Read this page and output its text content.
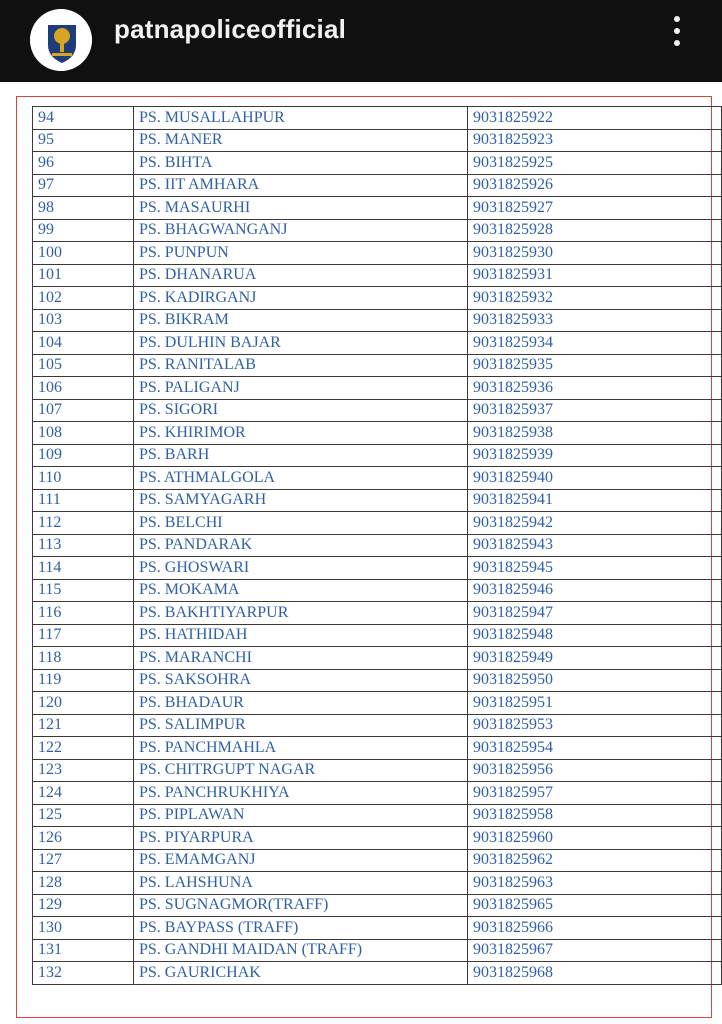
patnapoliceofficial
94	PS. MUSALLAHPUR	9031825922
95	PS. MANER	9031825923
96	PS. BIHTA	9031825925
97	PS. IIT AMHARA	9031825926
98	PS. MASAURHI	9031825927
99	PS. BHAGWANGANJ	9031825928
100	PS. PUNPUN	9031825930
101	PS. DHANARUA	9031825931
102	PS. KADIRGANJ	9031825932
103	PS. BIKRAM	9031825933
104	PS. DULHIN BAJAR	9031825934
105	PS. RANITALAB	9031825935
106	PS. PALIGANJ	9031825936
107	PS. SIGORI	9031825937
108	PS. KHIRIMOR	9031825938
109	PS. BARH	9031825939
110	PS. ATHMALGOLA	9031825940
111	PS. SAMYAGARH	9031825941
112	PS. BELCHI	9031825942
113	PS. PANDARAK	9031825943
114	PS. GHOSWARI	9031825945
115	PS. MOKAMA	9031825946
116	PS. BAKHTIYARPUR	9031825947
117	PS. HATHIDAH	9031825948
118	PS. MARANCHI	9031825949
119	PS. SAKSOHRA	9031825950
120	PS. BHADAUR	9031825951
121	PS. SALIMPUR	9031825953
122	PS. PANCHMAHLA	9031825954
123	PS. CHITRGUPT NAGAR	9031825956
124	PS. PANCHRUKHIYA	9031825957
125	PS. PIPLAWAN	9031825958
126	PS. PIYARPURA	9031825960
127	PS. EMAMGANJ	9031825962
128	PS. LAHSHUNA	9031825963
129	PS. SUGNAGMOR(TRAFF)	9031825965
130	PS. BAYPASS (TRAFF)	9031825966
131	PS. GANDHI MAIDAN (TRAFF)	9031825967
132	PS. GAURICHAK	9031825968
